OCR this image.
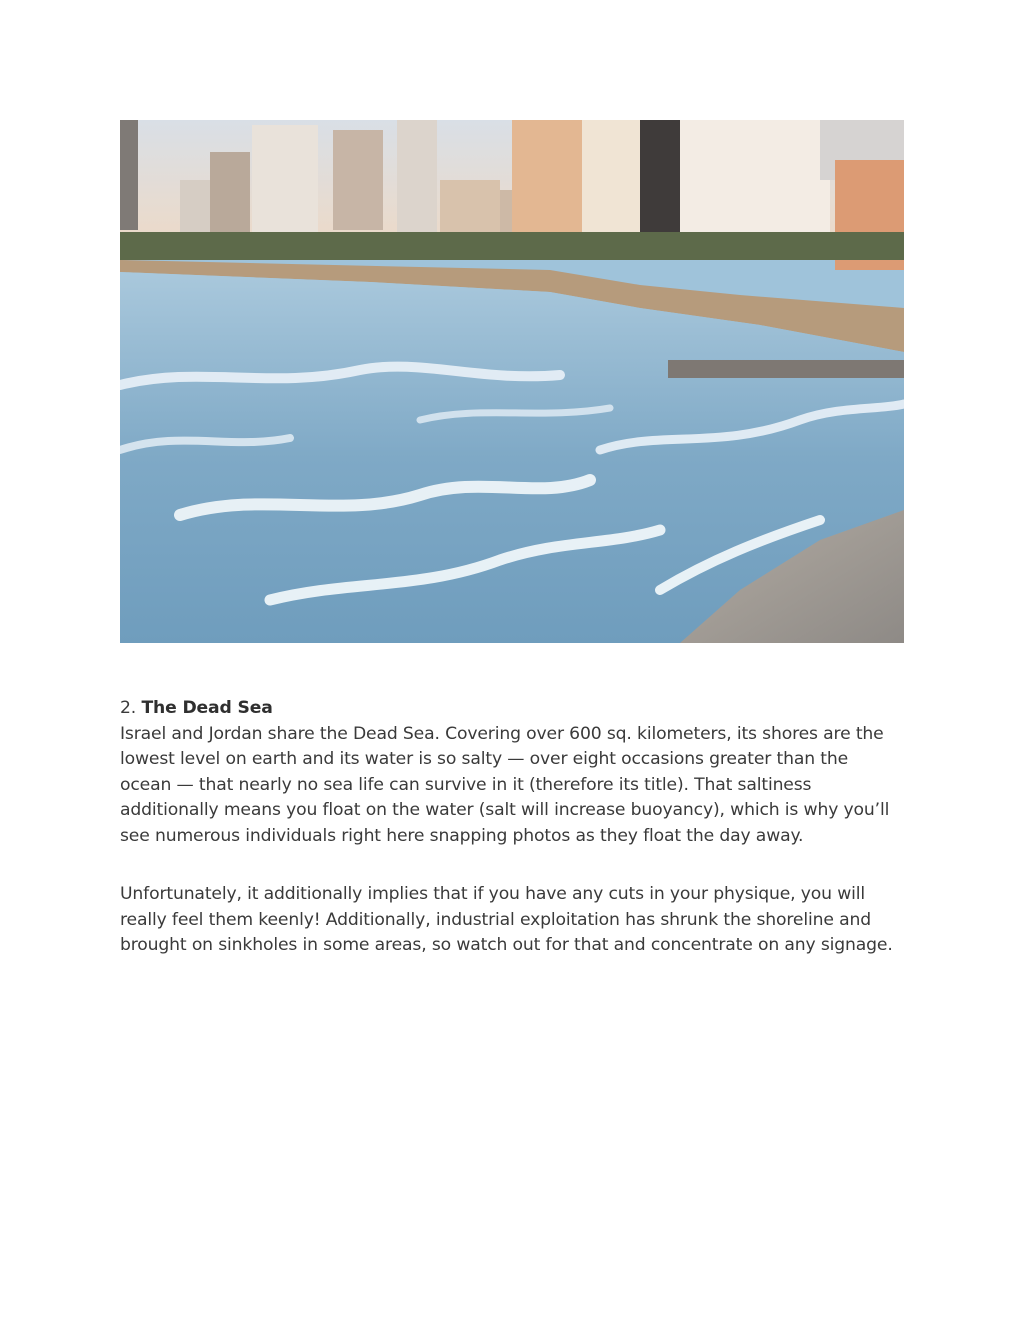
2. The Dead Sea

Israel and Jordan share the Dead Sea. Covering over 600 sq. kilometers, its shores are the lowest level on earth and its water is so salty — over eight occasions greater than the ocean — that nearly no sea life can survive in it (therefore its title). That saltiness additionally means you float on the water (salt will increase buoyancy), which is why you’ll see numerous individuals right here snapping photos as they float the day away.

Unfortunately, it additionally implies that if you have any cuts in your physique, you will really feel them keenly! Additionally, industrial exploitation has shrunk the shoreline and brought on sinkholes in some areas, so watch out for that and concentrate on any signage.
